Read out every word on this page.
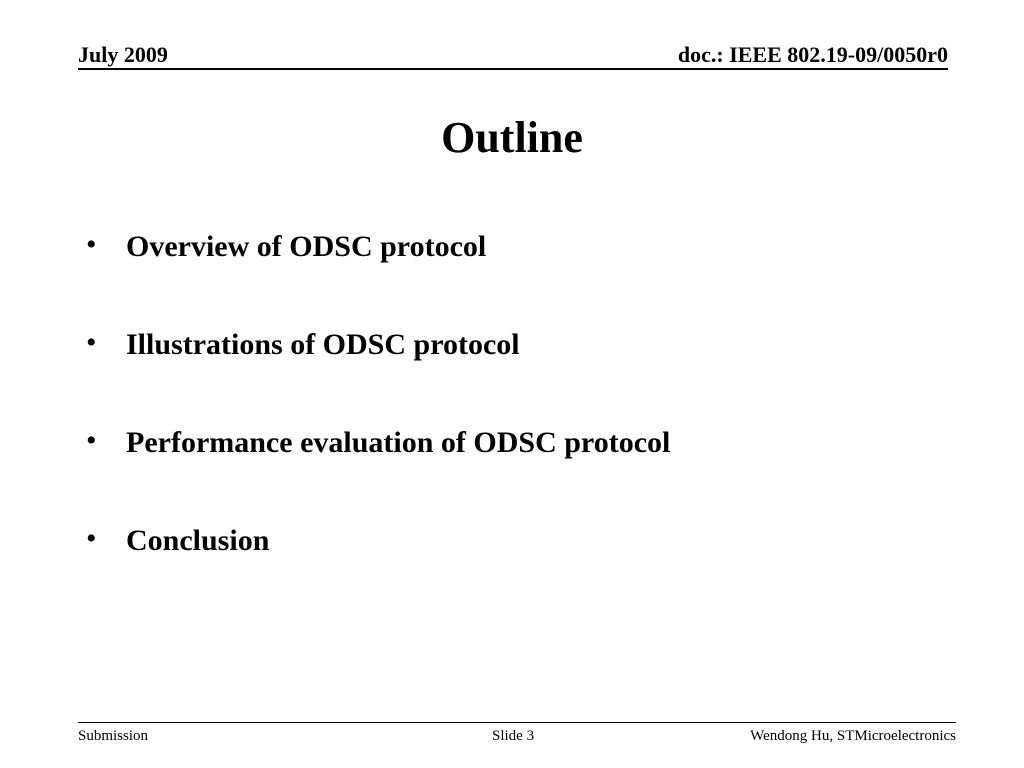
July 2009	doc.: IEEE 802.19-09/0050r0
Outline
• Overview of ODSC protocol
• Illustrations of ODSC protocol
• Performance evaluation of ODSC protocol
• Conclusion
Submission	Slide 3	Wendong Hu, STMicroelectronics
